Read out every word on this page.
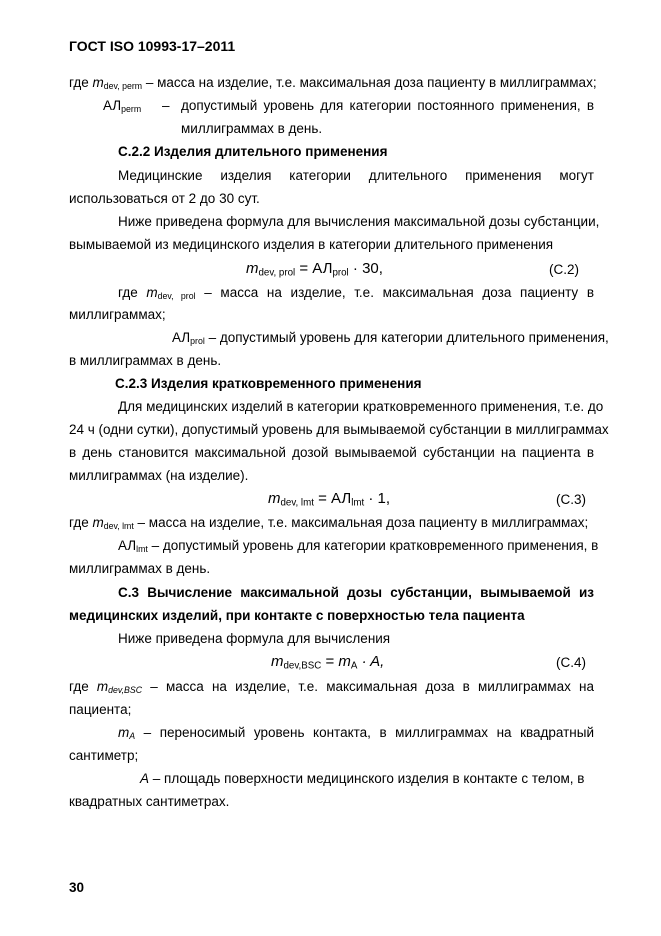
ГОСТ ISO 10993-17–2011
где $m_{dev, perm}$ – масса на изделие, т.е. максимальная доза пациенту в миллиграммах;
$АЛ_{perm}$ – допустимый уровень для категории постоянного применения, в
миллиграммах в день.
С.2.2 Изделия длительного применения
Медицинские изделия категории длительного применения могут
использоваться от 2 до 30 сут.
Ниже приведена формула для вычисления максимальной дозы субстанции,
вымываемой из медицинского изделия в категории длительного применения
$m_{dev, prol} = АЛ_{prol} \cdot 30$,	(С.2)
где $m_{dev, prol}$ – масса на изделие, т.е. максимальная доза пациенту в
миллиграммах;
$АЛ_{prol}$ – допустимый уровень для категории длительного применения,
в миллиграммах в день.
С.2.3 Изделия кратковременного применения
Для медицинских изделий в категории кратковременного применения, т.е. до
24 ч (одни сутки), допустимый уровень для вымываемой субстанции в миллиграммах
в день становится максимальной дозой вымываемой субстанции на пациента в
миллиграммах (на изделие).
$m_{dev, lmt} = АЛ_{lmt} \cdot 1$,	(С.3)
где $m_{dev, lmt}$ – масса на изделие, т.е. максимальная доза пациенту в миллиграммах;
$АЛ_{lmt}$ – допустимый уровень для категории кратковременного применения, в
миллиграммах в день.
С.3 Вычисление максимальной дозы субстанции, вымываемой из
медицинских изделий, при контакте с поверхностью тела пациента
Ниже приведена формула для вычисления
$m_{dev,BSC} = m_A \cdot A$,	(С.4)
где $m_{dev,BSC}$ – масса на изделие, т.е. максимальная доза в миллиграммах на
пациента;
$m_A$ – переносимый уровень контакта, в миллиграммах на квадратный
сантиметр;
A – площадь поверхности медицинского изделия в контакте с телом, в
квадратных сантиметрах.
30
